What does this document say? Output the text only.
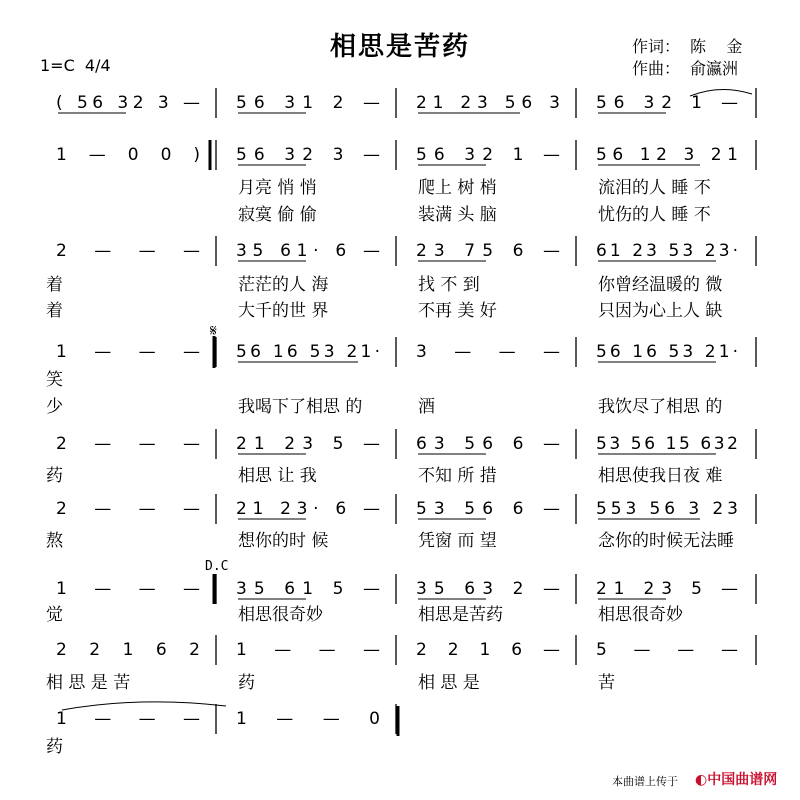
( 56 32 3 — 56 31 2 — 21 23 56 3 56 32 1 —
1 — 0 0 ) 56 32 3 — 56 32 1 — 56 12 3 21
月亮 悄 悄	爬上 树 梢	流泪的人 睡 不
寂寞 偷 偷	装满 头 脑	忧伤的人 睡 不
2 — — — 35 61· 6 — 23 75 6 — 61 23 53 23·
着	茫茫的人 海	找 不 到	你曾经温暖的 微
着	大千的世 界	不再 美 好	只因为心上人 缺
1 — — — 56 16 53 21· 3 — — — 56 16 53 21·
笑
少	我喝下了相思 的	酒	我饮尽了相思 的
2 — — — 21 23 5 — 63 56 6 — 53 56 15 632
药	相思 让 我	不知 所 措	相思使我日夜 难
2 — — — 21 23· 6 — 53 56 6 — 553 56 3 23
熬	想你的时 候	凭窗 而 望	念你的时候无法睡
1 — — — 35 61 5 — 35 63 2 — 21 23 5 —
觉	相思很奇妙	相思是苦药	相思很奇妙
2 2 1 6 2 1 — — — 2 2 1 6 — 5 — — —
相 思 是 苦	药	相 思 是	苦
1 — — — 1 — — 0
药
𝄋
D.C
相思是苦药
1=C  4/4
作词： 陈    金
作曲： 俞瀛洲
本曲谱上传于 ◐中国曲谱网
